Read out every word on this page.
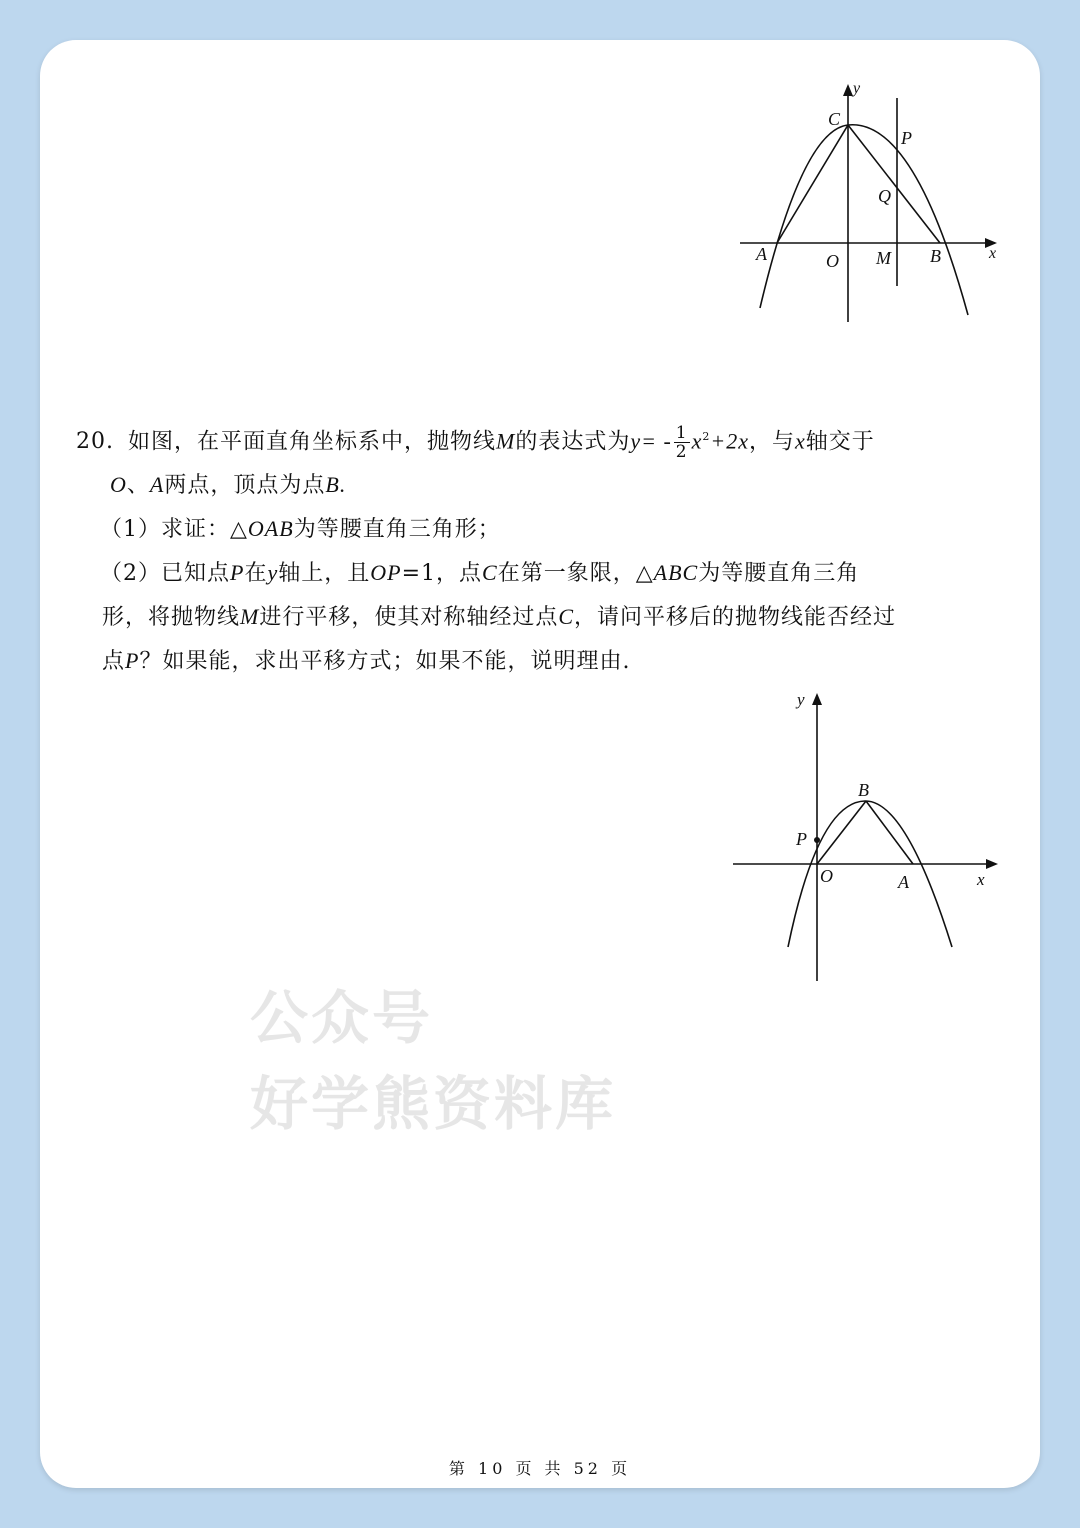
y
C
P
Q
A	O M B	x
20. 如图，在平面直角坐标系中，抛物线M的表达式为$y= - \frac{1}{2} x^2+2x$，与x轴交于
O、A两点，顶点为点B.
（1）求证：△OAB为等腰直角三角形；
（2）已知点P在y轴上，且OP=1，点C在第一象限，△ABC为等腰直角三角
形，将抛物线M进行平移，使其对称轴经过点C，请问平移后的抛物线能否经过
点P？如果能，求出平移方式；如果不能，说明理由.
y
B
P
O	A	x
公众号
好学熊资料库
第 10 页 共 52 页
